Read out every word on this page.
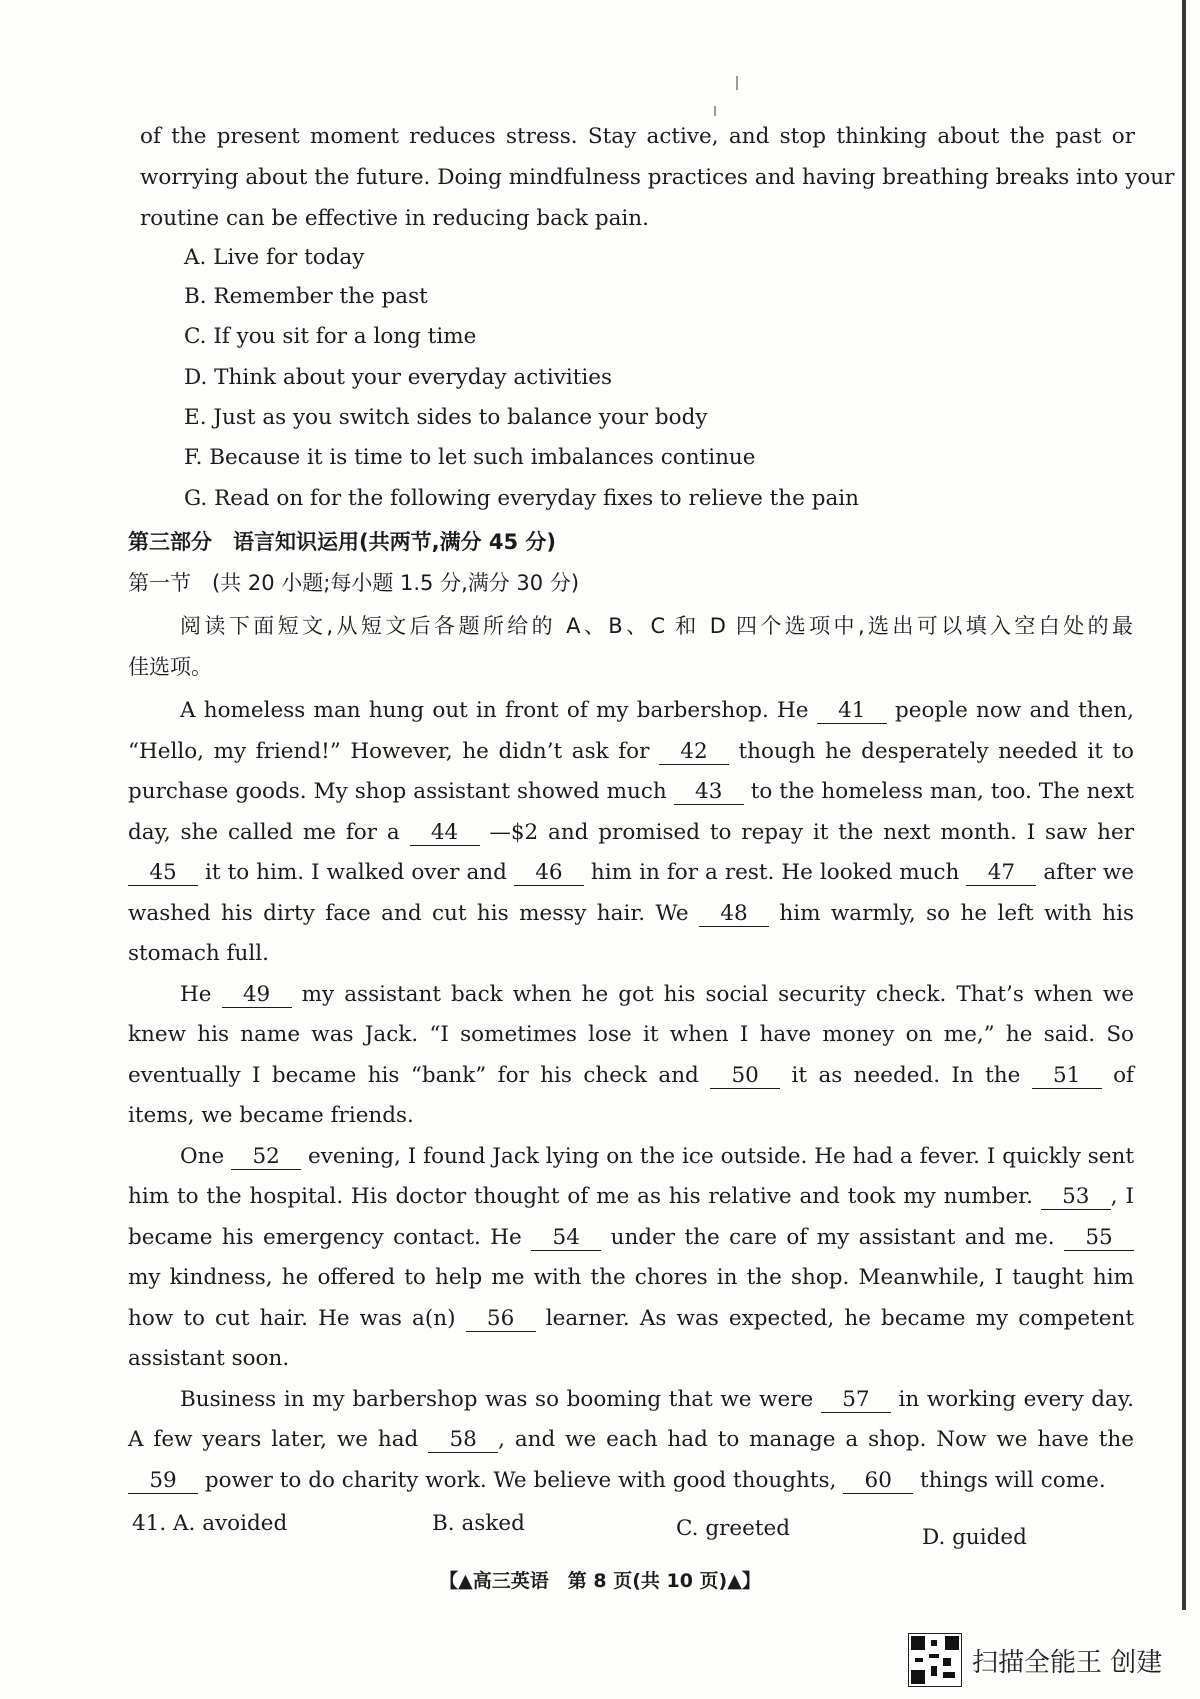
of the present moment reduces stress. Stay active, and stop thinking about the past or
worrying about the future. Doing mindfulness practices and having breathing breaks into your
routine can be effective in reducing back pain.
A. Live for today
B. Remember the past
C. If you sit for a long time
D. Think about your everyday activities
E. Just as you switch sides to balance your body
F. Because it is time to let such imbalances continue
G. Read on for the following everyday fixes to relieve the pain
第三部分　语言知识运用(共两节,满分 45 分)
第一节　(共 20 小题;每小题 1.5 分,满分 30 分)
阅读下面短文,从短文后各题所给的 A、B、C 和 D 四个选项中,选出可以填入空白处的最
佳选项。

A homeless man hung out in front of my barbershop. He 41 people now and then, “Hello, my friend!” However, he didn’t ask for 42 though he desperately needed it to purchase goods. My shop assistant showed much 43 to the homeless man, too. The next day, she called me for a 44 —$2 and promised to repay it the next month. I saw her 45 it to him. I walked over and 46 him in for a rest. He looked much 47 after we washed his dirty face and cut his messy hair. We 48 him warmly, so he left with his stomach full.

He 49 my assistant back when he got his social security check. That’s when we knew his name was Jack. “I sometimes lose it when I have money on me,” he said. So eventually I became his “bank” for his check and 50 it as needed. In the 51 of items, we became friends.

One 52 evening, I found Jack lying on the ice outside. He had a fever. I quickly sent him to the hospital. His doctor thought of me as his relative and took my number. 53 , I became his emergency contact. He 54 under the care of my assistant and me. 55 my kindness, he offered to help me with the chores in the shop. Meanwhile, I taught him how to cut hair. He was a(n) 56 learner. As was expected, he became my competent assistant soon.

Business in my barbershop was so booming that we were 57 in working every day. A few years later, we had 58 , and we each had to manage a shop. Now we have the 59 power to do charity work. We believe with good thoughts, 60 things will come.

41. A. avoided	B. asked	C. greeted	D. guided
【▲高三英语　第 8 页(共 10 页)▲】
扫描全能王 创建
